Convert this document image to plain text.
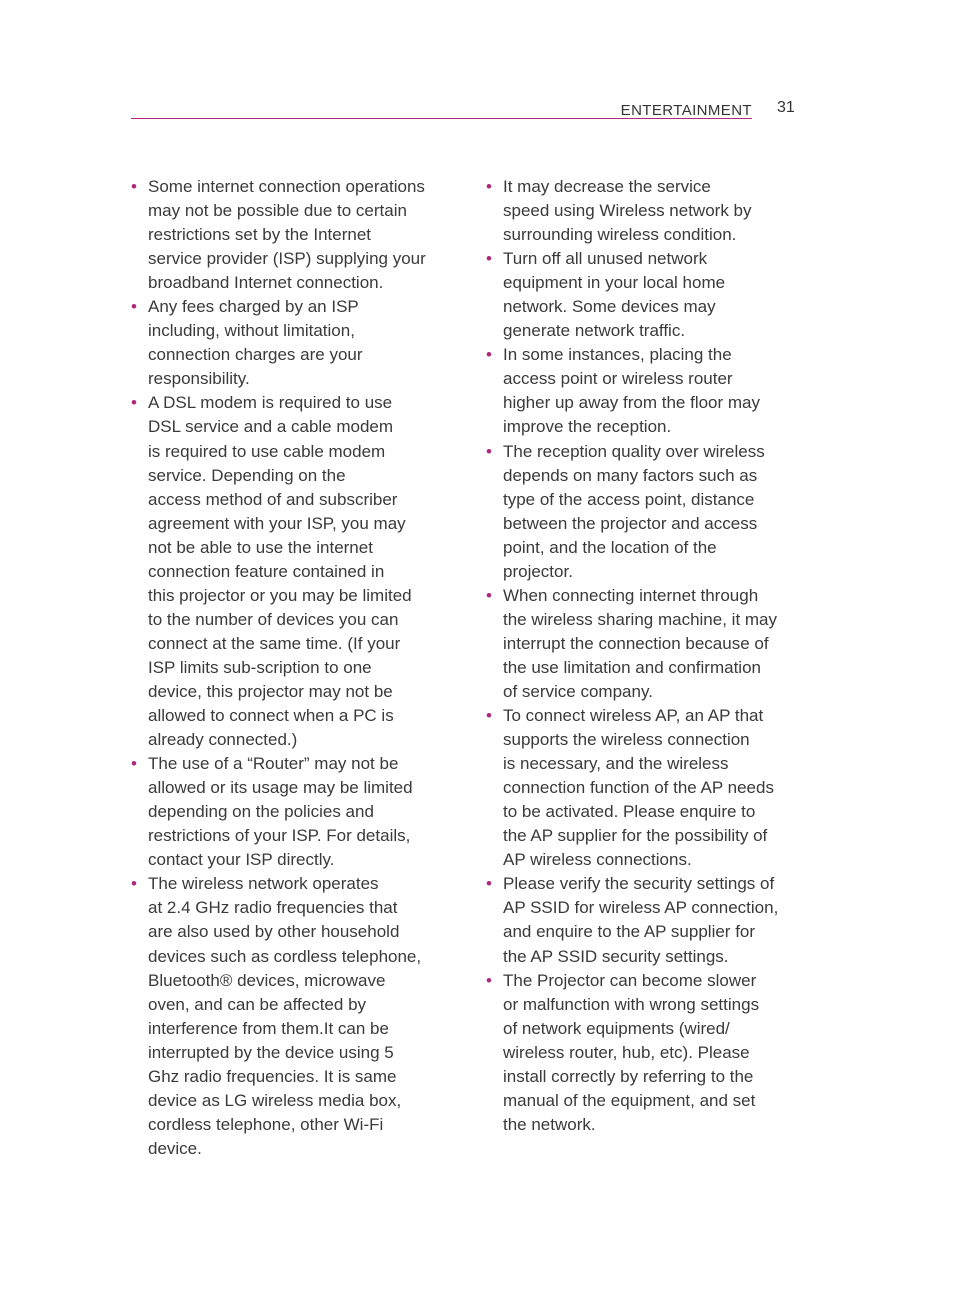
ENTERTAINMENT 31
• Some internet connection operations
may not be possible due to certain
restrictions set by the Internet
service provider (ISP) supplying your
broadband Internet connection.
• Any fees charged by an ISP
including, without limitation,
connection charges are your
responsibility.
• A DSL modem is required to use
DSL service and a cable modem
is required to use cable modem
service. Depending on the
access method of and subscriber
agreement with your ISP, you may
not be able to use the internet
connection feature contained in
this projector or you may be limited
to the number of devices you can
connect at the same time. (If your
ISP limits sub-scription to one
device, this projector may not be
allowed to connect when a PC is
already connected.)
• The use of a “Router” may not be
allowed or its usage may be limited
depending on the policies and
restrictions of your ISP. For details,
contact your ISP directly.
• The wireless network operates
at 2.4 GHz radio frequencies that
are also used by other household
devices such as cordless telephone,
Bluetooth® devices, microwave
oven, and can be affected by
interference from them.It can be
interrupted by the device using 5
Ghz radio frequencies. It is same
device as LG wireless media box,
cordless telephone, other Wi-Fi
device.
• It may decrease the service
speed using Wireless network by
surrounding wireless condition.
• Turn off all unused network
equipment in your local home
network. Some devices may
generate network traffic.
• In some instances, placing the
access point or wireless router
higher up away from the floor may
improve the reception.
• The reception quality over wireless
depends on many factors such as
type of the access point, distance
between the projector and access
point, and the location of the
projector.
• When connecting internet through
the wireless sharing machine, it may
interrupt the connection because of
the use limitation and confirmation
of service company.
• To connect wireless AP, an AP that
supports the wireless connection
is necessary, and the wireless
connection function of the AP needs
to be activated. Please enquire to
the AP supplier for the possibility of
AP wireless connections.
• Please verify the security settings of
AP SSID for wireless AP connection,
and enquire to the AP supplier for
the AP SSID security settings.
• The Projector can become slower
or malfunction with wrong settings
of network equipments (wired/
wireless router, hub, etc). Please
install correctly by referring to the
manual of the equipment, and set
the network.
